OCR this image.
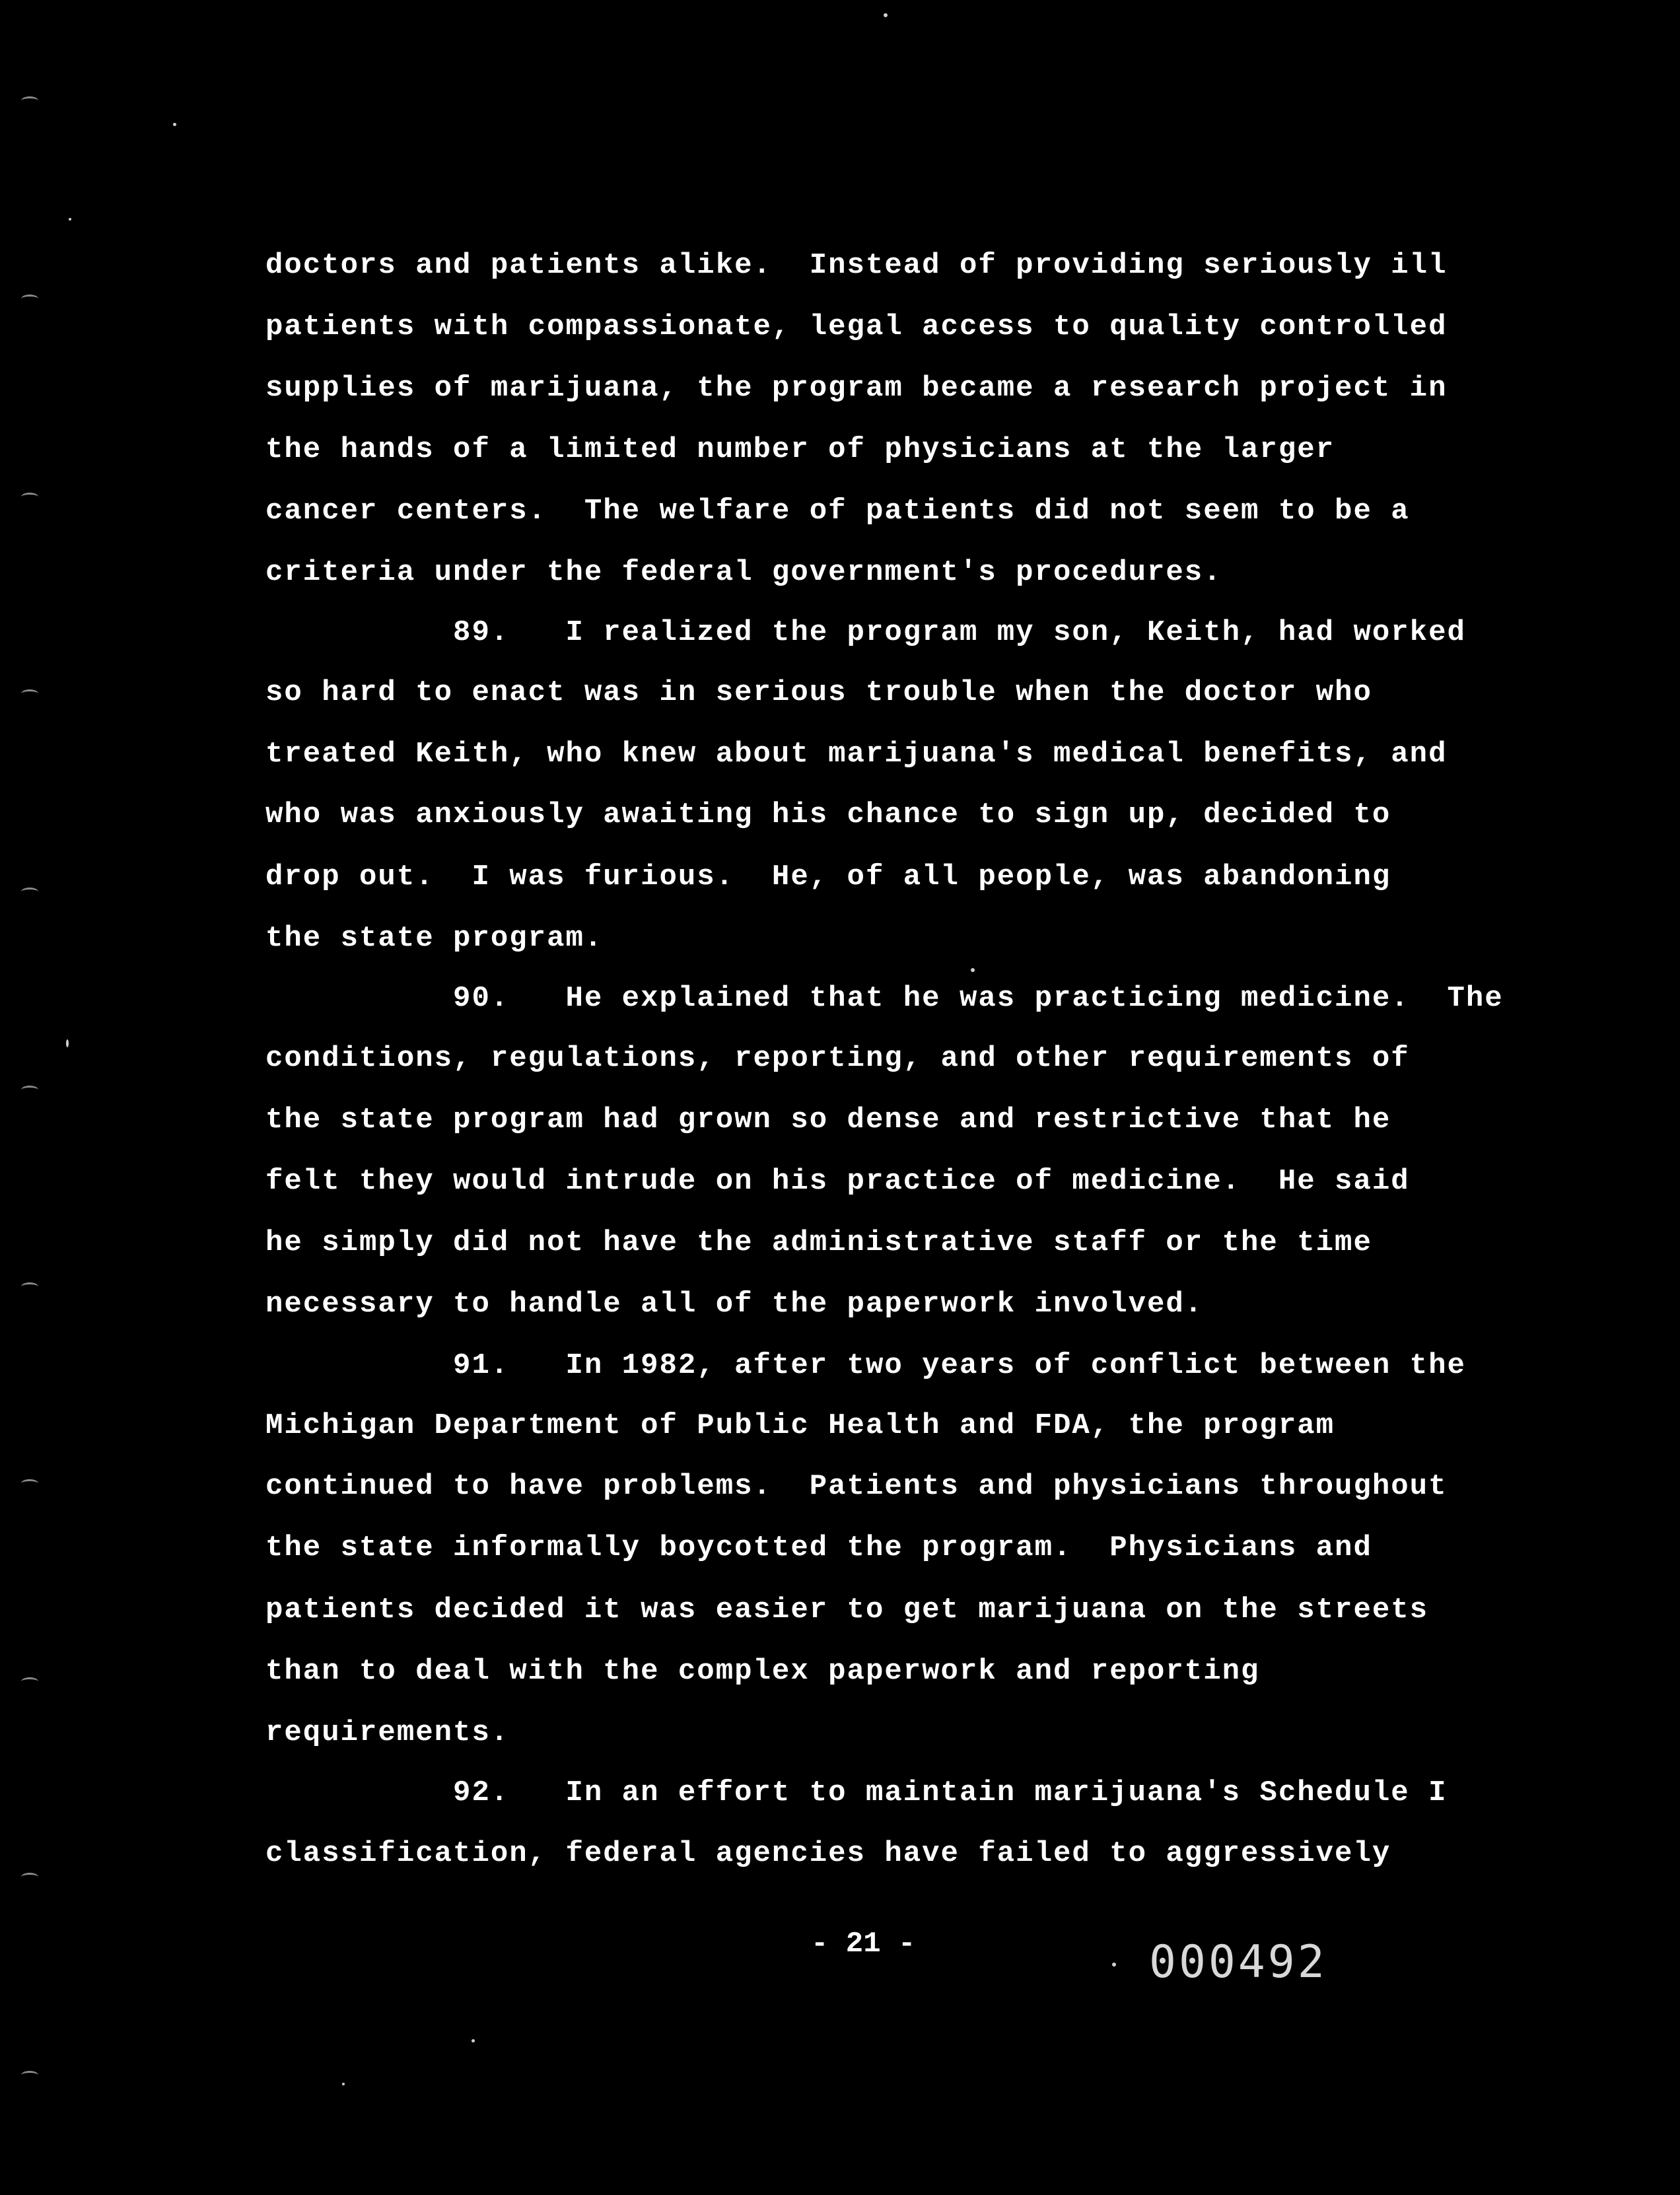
doctors and patients alike.  Instead of providing seriously ill
patients with compassionate, legal access to quality controlled
supplies of marijuana, the program became a research project in
the hands of a limited number of physicians at the larger
cancer centers.  The welfare of patients did not seem to be a
criteria under the federal government's procedures.
89.   I realized the program my son, Keith, had worked
so hard to enact was in serious trouble when the doctor who
treated Keith, who knew about marijuana's medical benefits, and
who was anxiously awaiting his chance to sign up, decided to
drop out.  I was furious.  He, of all people, was abandoning
the state program.
90.   He explained that he was practicing medicine.  The
conditions, regulations, reporting, and other requirements of
the state program had grown so dense and restrictive that he
felt they would intrude on his practice of medicine.  He said
he simply did not have the administrative staff or the time
necessary to handle all of the paperwork involved.
91.   In 1982, after two years of conflict between the
Michigan Department of Public Health and FDA, the program
continued to have problems.  Patients and physicians throughout
the state informally boycotted the program.  Physicians and
patients decided it was easier to get marijuana on the streets
than to deal with the complex paperwork and reporting
requirements.
92.   In an effort to maintain marijuana's Schedule I
classification, federal agencies have failed to aggressively
- 21 -	000492
